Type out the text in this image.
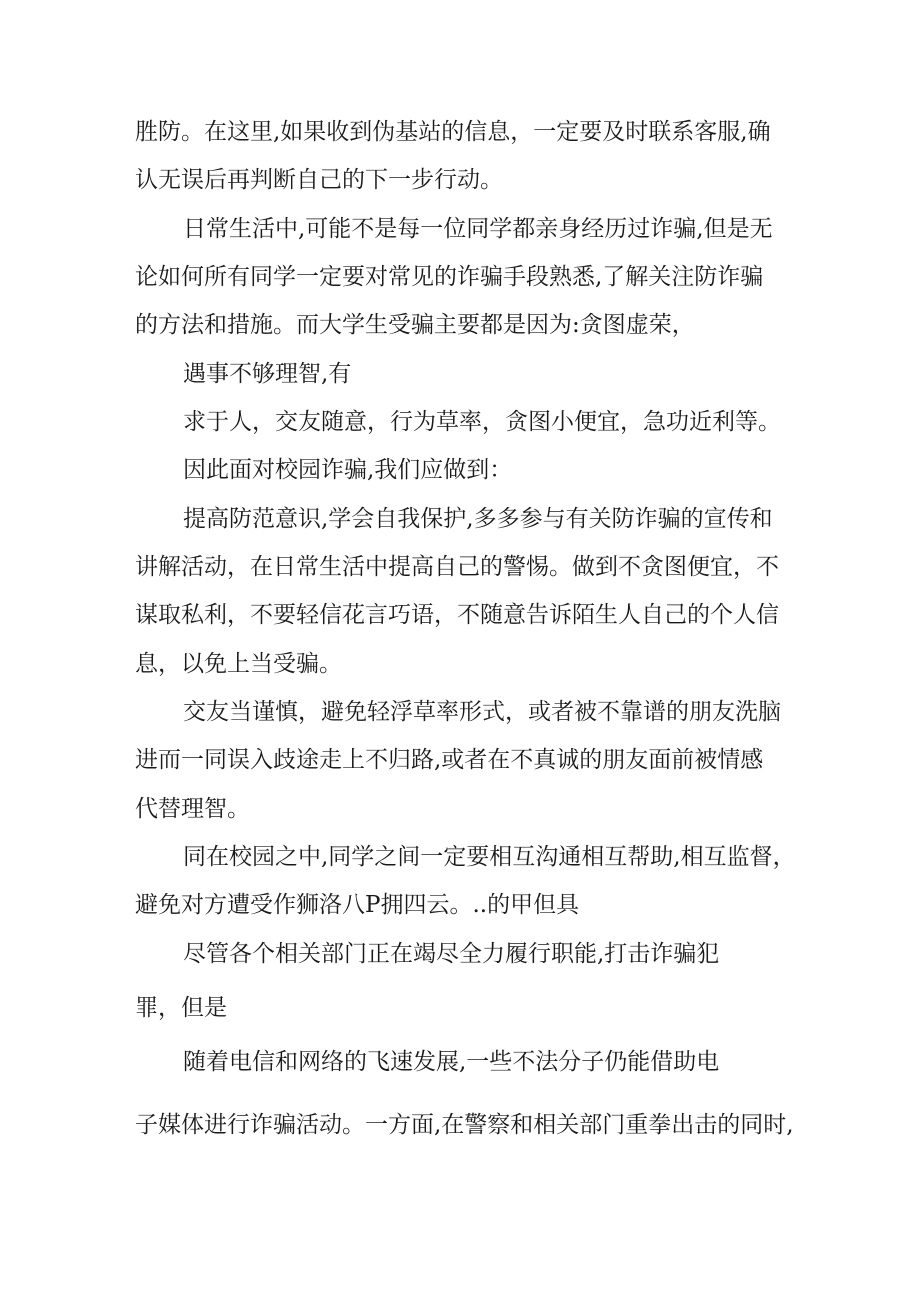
胜防。在这里,如果收到伪基站的信息，一定要及时联系客服,确

认无误后再判断自己的下一步行动。

日常生活中,可能不是每一位同学都亲身经历过诈骗,但是无

论如何所有同学一定要对常见的诈骗手段熟悉,了解关注防诈骗

的方法和措施。而大学生受骗主要都是因为:贪图虚荣，

遇事不够理智,有

求于人，交友随意，行为草率，贪图小便宜，急功近利等。

因此面对校园诈骗,我们应做到：

提高防范意识,学会自我保护,多多参与有关防诈骗的宣传和

讲解活动，在日常生活中提高自己的警惕。做到不贪图便宜，不

谋取私利，不要轻信花言巧语，不随意告诉陌生人自己的个人信

息，以免上当受骗。

交友当谨慎，避免轻浮草率形式，或者被不靠谱的朋友洗脑

进而一同误入歧途走上不归路,或者在不真诚的朋友面前被情感

代替理智。

同在校园之中,同学之间一定要相互沟通相互帮助,相互监督，

避免对方遭受作狮洛八P拥四云。..的甲但具

尽管各个相关部门正在竭尽全力履行职能,打击诈骗犯

罪，但是

随着电信和网络的飞速发展,一些不法分子仍能借助电

子媒体进行诈骗活动。一方面,在警察和相关部门重拳出击的同时,
